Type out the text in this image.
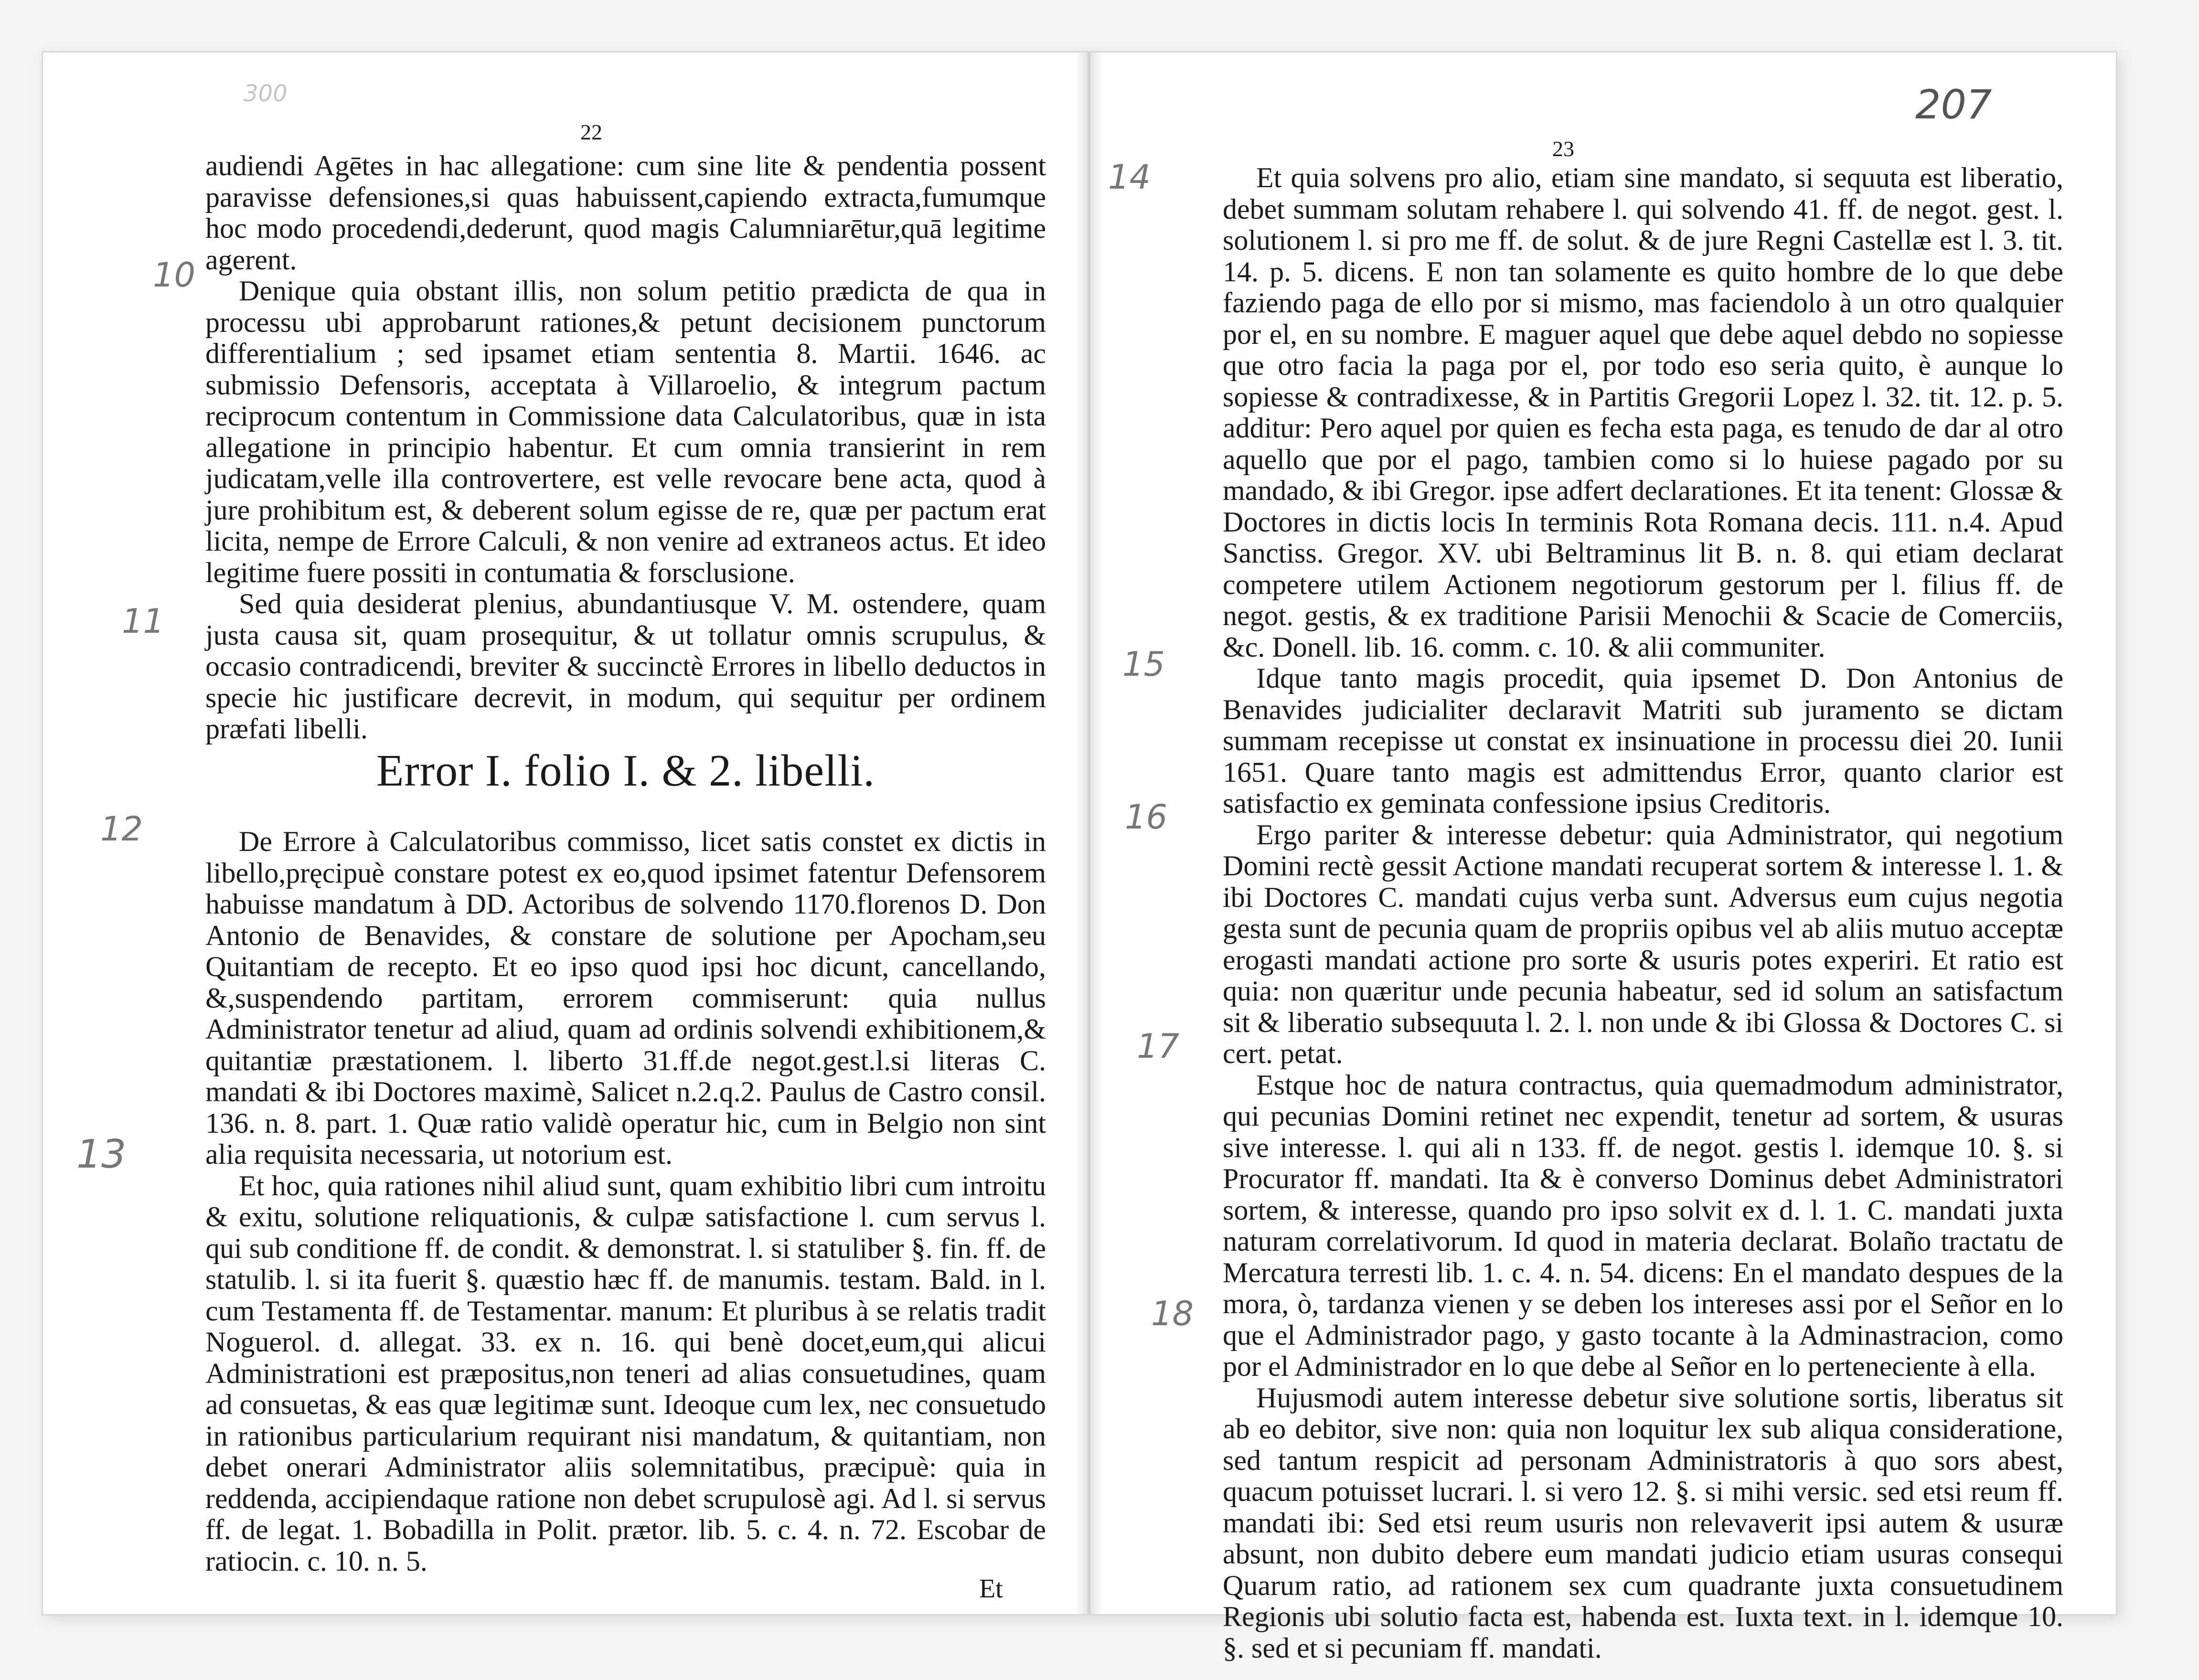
300
22
10
11
12
13

audiendi Agētes in hac allegatione: cum sine lite & pendentia possent paravisse defensiones,si quas habuissent,capiendo extracta,fumumque hoc modo procedendi,dederunt, quod magis Calumniarētur,quā legitime agerent.

Denique quia obstant illis, non solum petitio prædicta de qua in processu ubi approbarunt rationes,& petunt decisionem punctorum differentialium ; sed ipsamet etiam sententia 8. Martii. 1646. ac submissio Defensoris, acceptata à Villaroelio, & integrum pactum reciprocum contentum in Commissione data Calculatoribus, quæ in ista allegatione in principio habentur. Et cum omnia transierint in rem judicatam,velle illa controvertere, est velle revocare bene acta, quod à jure prohibitum est, & deberent solum egisse de re, quæ per pactum erat licita, nempe de Errore Calculi, & non venire ad extraneos actus. Et ideo legitime fuere possiti in contumatia & forsclusione.

Sed quia desiderat plenius, abundantiusque V. M. ostendere, quam justa causa sit, quam prosequitur, & ut tollatur omnis scrupulus, & occasio contradicendi, breviter & succinctè Errores in libello deductos in specie hic justificare decrevit, in modum, qui sequitur per ordinem præfati libelli.

Error I. folio I. & 2. libelli.

De Errore à Calculatoribus commisso, licet satis constet ex dictis in libello,pręcipuè constare potest ex eo,quod ipsimet fatentur Defensorem habuisse mandatum à DD. Actoribus de solvendo 1170.florenos D. Don Antonio de Benavides, & constare de solutione per Apocham,seu Quitantiam de recepto. Et eo ipso quod ipsi hoc dicunt, cancellando, &,suspendendo partitam, errorem commiserunt: quia nullus Administrator tenetur ad aliud, quam ad ordinis solvendi exhibitionem,& quitantiæ præstationem. l. liberto 31.ff.de negot.gest.l.si literas C. mandati & ibi Doctores maximè, Salicet n.2.q.2. Paulus de Castro consil. 136. n. 8. part. 1. Quæ ratio validè operatur hic, cum in Belgio non sint alia requisita necessaria, ut notorium est.

Et hoc, quia rationes nihil aliud sunt, quam exhibitio libri cum introitu & exitu, solutione reliquationis, & culpæ satisfactione l. cum servus l. qui sub conditione ff. de condit. & demonstrat. l. si statuliber §. fin. ff. de statulib. l. si ita fuerit §. quæstio hæc ff. de manumis. testam. Bald. in l. cum Testamenta ff. de Testamentar. manum: Et pluribus à se relatis tradit Noguerol. d. allegat. 33. ex n. 16. qui benè docet,eum,qui alicui Administrationi est præpositus,non teneri ad alias consuetudines, quam ad consuetas, & eas quæ legitimæ sunt. Ideoque cum lex, nec consuetudo in rationibus particularium requirant nisi mandatum, & quitantiam, non debet onerari Administrator aliis solemnitatibus, præcipuè: quia in reddenda, accipiendaque ratione non debet scrupulosè agi. Ad l. si servus ff. de legat. 1. Bobadilla in Polit. prætor. lib. 5. c. 4. n. 72. Escobar de ratiocin. c. 10. n. 5.

Et
207
23
14
15
16
17
18

Et quia solvens pro alio, etiam sine mandato, si sequuta est liberatio, debet summam solutam rehabere l. qui solvendo 41. ff. de negot. gest. l. solutionem l. si pro me ff. de solut. & de jure Regni Castellæ est l. 3. tit. 14. p. 5. dicens. E non tan solamente es quito hombre de lo que debe faziendo paga de ello por si mismo, mas faciendolo à un otro qualquier por el, en su nombre. E maguer aquel que debe aquel debdo no sopiesse que otro facia la paga por el, por todo eso seria quito, è aunque lo sopiesse & contradixesse, & in Partitis Gregorii Lopez l. 32. tit. 12. p. 5. additur: Pero aquel por quien es fecha esta paga, es tenudo de dar al otro aquello que por el pago, tambien como si lo huiese pagado por su mandado, & ibi Gregor. ipse adfert declarationes. Et ita tenent: Glossæ & Doctores in dictis locis In terminis Rota Romana decis. 111. n.4. Apud Sanctiss. Gregor. XV. ubi Beltraminus lit B. n. 8. qui etiam declarat competere utilem Actionem negotiorum gestorum per l. filius ff. de negot. gestis, & ex traditione Parisii Menochii & Scacie de Comerciis, &c. Donell. lib. 16. comm. c. 10. & alii communiter.

Idque tanto magis procedit, quia ipsemet D. Don Antonius de Benavides judicialiter declaravit Matriti sub juramento se dictam summam recepisse ut constat ex insinuatione in processu diei 20. Iunii 1651. Quare tanto magis est admittendus Error, quanto clarior est satisfactio ex geminata confessione ipsius Creditoris.

Ergo pariter & interesse debetur: quia Administrator, qui negotium Domini rectè gessit Actione mandati recuperat sortem & interesse l. 1. & ibi Doctores C. mandati cujus verba sunt. Adversus eum cujus negotia gesta sunt de pecunia quam de propriis opibus vel ab aliis mutuo acceptæ erogasti mandati actione pro sorte & usuris potes experiri. Et ratio est quia: non quæritur unde pecunia habeatur, sed id solum an satisfactum sit & liberatio subsequuta l. 2. l. non unde & ibi Glossa & Doctores C. si cert. petat.

Estque hoc de natura contractus, quia quemadmodum administrator, qui pecunias Domini retinet nec expendit, tenetur ad sortem, & usuras sive interesse. l. qui ali n 133. ff. de negot. gestis l. idemque 10. §. si Procurator ff. mandati. Ita & è converso Dominus debet Administratori sortem, & interesse, quando pro ipso solvit ex d. l. 1. C. mandati juxta naturam correlativorum. Id quod in materia declarat. Bolaño tractatu de Mercatura terresti lib. 1. c. 4. n. 54. dicens: En el mandato despues de la mora, ò, tardanza vienen y se deben los intereses assi por el Señor en lo que el Administrador pago, y gasto tocante à la Adminastracion, como por el Administrador en lo que debe al Señor en lo perteneciente à ella.

Hujusmodi autem interesse debetur sive solutione sortis, liberatus sit ab eo debitor, sive non: quia non loquitur lex sub aliqua consideratione, sed tantum respicit ad personam Administratoris à quo sors abest, quacum potuisset lucrari. l. si vero 12. §. si mihi versic. sed etsi reum ff. mandati ibi: Sed etsi reum usuris non relevaverit ipsi autem & usuræ absunt, non dubito debere eum mandati judicio etiam usuras consequi Quarum ratio, ad rationem sex cum quadrante juxta consuetudinem Regionis ubi solutio facta est, habenda est. Iuxta text. in l. idemque 10. §. sed et si pecuniam ff. mandati.
